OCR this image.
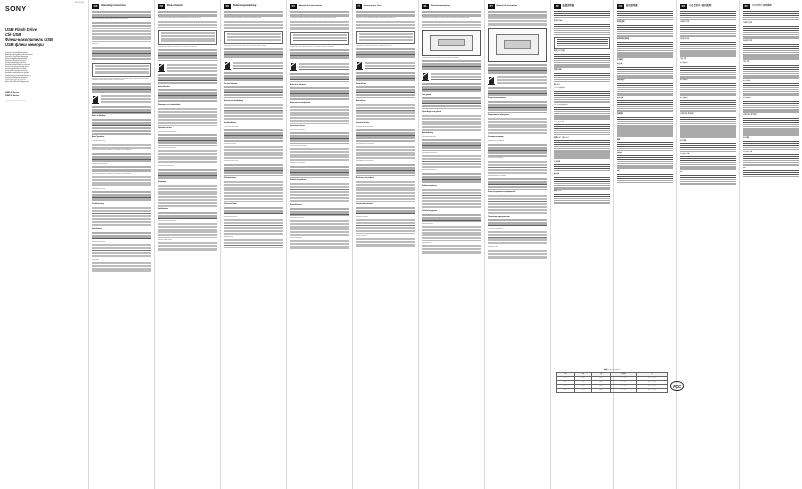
4-477-051-11(1)
SONY
USB Flash Drive
Clé USB
Флеш-накопитель USB
USB флеш мемори
Operating Instructions/Mode d'emploi/
Bedienungsanleitung/Manual de instrucciones/
Istruzioni per l'uso/Gebruiksaanwijzing/
Bruksanvisning/Betjeningsvejledning/
Käyttöohjeet/Manual de Instruções/
Instrukcja obsługi/Návod k obsluze/
Használati útmutató/Návod na používanie/
Instrucţiuni de utilizare/Ръководство за
експлоатация/Navodila za uporabo/
Kasutusjuhend/Lietošanas instrukcija/
Naudojimo instrukcija/Upute za uporabu/
Руководство по эксплуатации/Посібник з
експлуатації/Пайдалану нұсқаулығы/
取扱説明書/使用說明書/사용설명서/
คู่มือการใช้งาน/Petunjuk Pengoperasian
USM-X Series
USM-X Series
© 2013 Sony Corporation Printed in China
GB	Operating Instructions
Notice for customers in the countries applying EU Directives
Before Use
Disposal of Old Electrical & Electronic Equipment (Applicable in the European Union and other European countries with separate collection systems)
Notes on Handling
Basic Operations
Connecting the Device
When using Windows 8 / Windows 7 / Windows Vista / Windows XP
Disconnecting the Device
When using Windows 8 / Windows 7 / Windows Vista / Windows XP
Formatting the Device
Troubleshooting
Specifications
System Requirements
Trademarks
FR	Mode d'emploi
Avis aux clients résidant dans les pays appliquant les Directives de l'UE
Traitement des appareils électriques et électroniques en fin de vie
Avant utilisation
Remarques sur la manipulation
Opérations de base
Raccordement du périphérique
Déconnexion du périphérique
Formatage du périphérique
Dépannage
Spécifications
Configuration système requise
Marques commerciales
DE	Bedienungsanleitung
Hinweis für Kunden in Ländern, in denen EU-Richtlinien gelten
Entsorgung von gebrauchten elektrischen und elektronischen Geräten
Vor dem Gebrauch
Hinweise zur Handhabung
Grundfunktionen
Anschließen des Geräts
Trennen des Geräts
Formatieren des Geräts
Fehlerbehebung
Technische Daten
Systemanforderungen
Markenzeichen
ES	Manual de instrucciones
Aviso para los clientes de países en los que se aplican las directivas de la UE
Tratamiento de los equipos eléctricos y electrónicos al final de su vida útil
Antes de la utilización
Notas sobre la manipulación
Operaciones básicas
Conexión del dispositivo
Desconexión del dispositivo
Formateo del dispositivo
Solución de problemas
Especificaciones
Requisitos del sistema
Marcas comerciales
IT	Istruzioni per l'uso
Avviso per i clienti residenti nei paesi che applicano le direttive UE
Trattamento del dispositivo elettrico o elettronico a fine vita
Prima dell'uso
Note sull'uso
Operazioni di base
Collegamento del dispositivo
Scollegamento del dispositivo
Formattazione del dispositivo
Risoluzione dei problemi
Caratteristiche tecniche
Requisiti di sistema
Marchi di fabbrica
NL	Gebruiksaanwijzing
Kennisgeving voor klanten in de landen waar EU-richtlijnen van toepassing zijn
Verwijdering van oude elektrische en elektronische apparaten
Voor gebruik
Opmerkingen over gebruik
Basisbediening
Het apparaat aansluiten
Het apparaat loskoppelen
Het apparaat formatteren
Problemen oplossen
Technische gegevens
Systeemvereisten
Handelsmerken
PT	Manual de Instruções
Перед использованием
Примечания по обращению
Основные операции
Подключение устройства
Отключение устройства
Форматирование устройства
Поиск и устранение неисправностей
Технические характеристики
Системные требования
Товарные знаки
JP	取扱説明書
安全のために
使用上のご注意
各部の名称
使いかた
パソコンに接続する
パソコンから取りはずす
フォーマットする
故障かな？と思ったら
主な仕様
動作環境
商標について
CN	使用說明書
使用前須知
使用時的注意事項
基本操作
連接裝置
中斷裝置連接
格式化裝置
故障排除
規格
系統需求
商標
KR	사용설명서 / 使用說明
사용하기 전에
취급상의 주의
기본 조작
장치 연결하기
장치 분리하기
장치 포맷하기
고장이라고 생각되면
주요 제원
시스템 요구 사항
상표
RU	사용설명서 / 使用說明
사용하기 전에
취급상의 주의
기본 조작
장치 분리하기
장치 포맷하기
고장이라고 생각되면
주요 제원
시스템 요구 사항
상표
消費電力 / Power consumption
型號	容量	介面	使用溫度	尺寸
USM-X	8 GB	USB 2.0	0 °C - 35 °C	15 × 44 × 8 mm
USM-X	16 GB	USB 2.0	0 °C - 35 °C	15 × 44 × 8 mm
USM-X	32 GB	USB 2.0	0 °C - 35 °C	15 × 44 × 8 mm
USM-X	64 GB	USB 2.0	0 °C - 35 °C	15 × 44 × 8 mm
FCC
